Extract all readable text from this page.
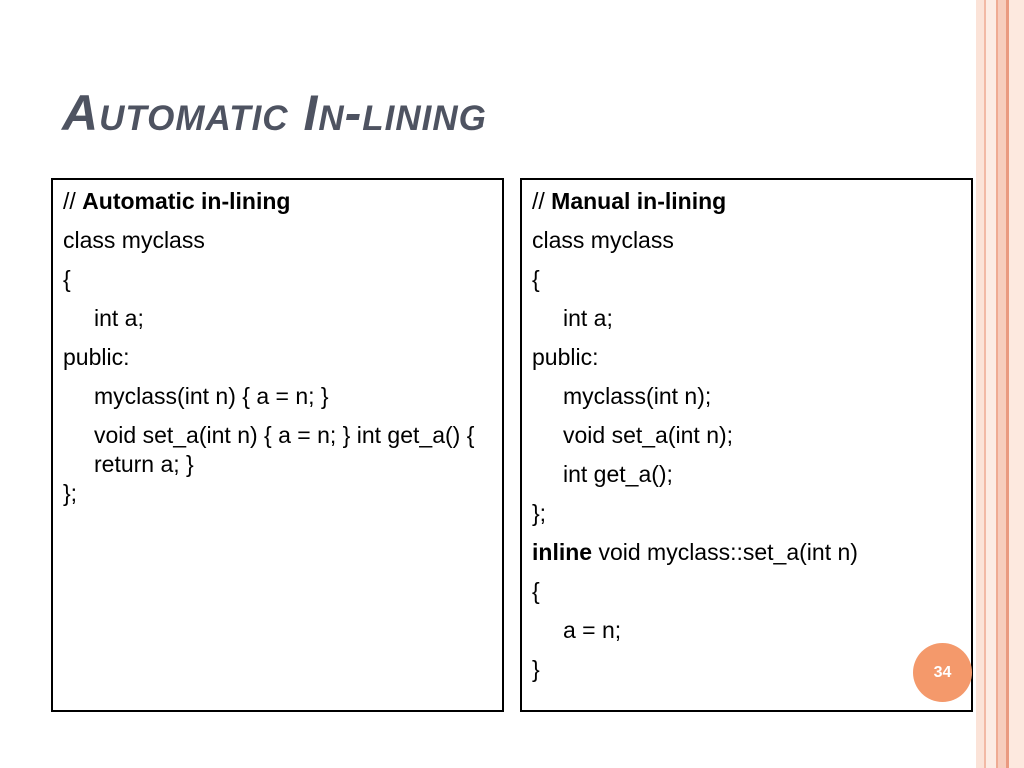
Automatic In-lining
// Automatic in-lining
class myclass
{
int a;
public:
myclass(int n) { a = n; }
void set_a(int n) { a = n; } int get_a() { return a; }
};
// Manual in-lining
class myclass
{
int a;
public:
myclass(int n);
void set_a(int n);
int get_a();
};
inline void myclass::set_a(int n)
{
a = n;
}	34
